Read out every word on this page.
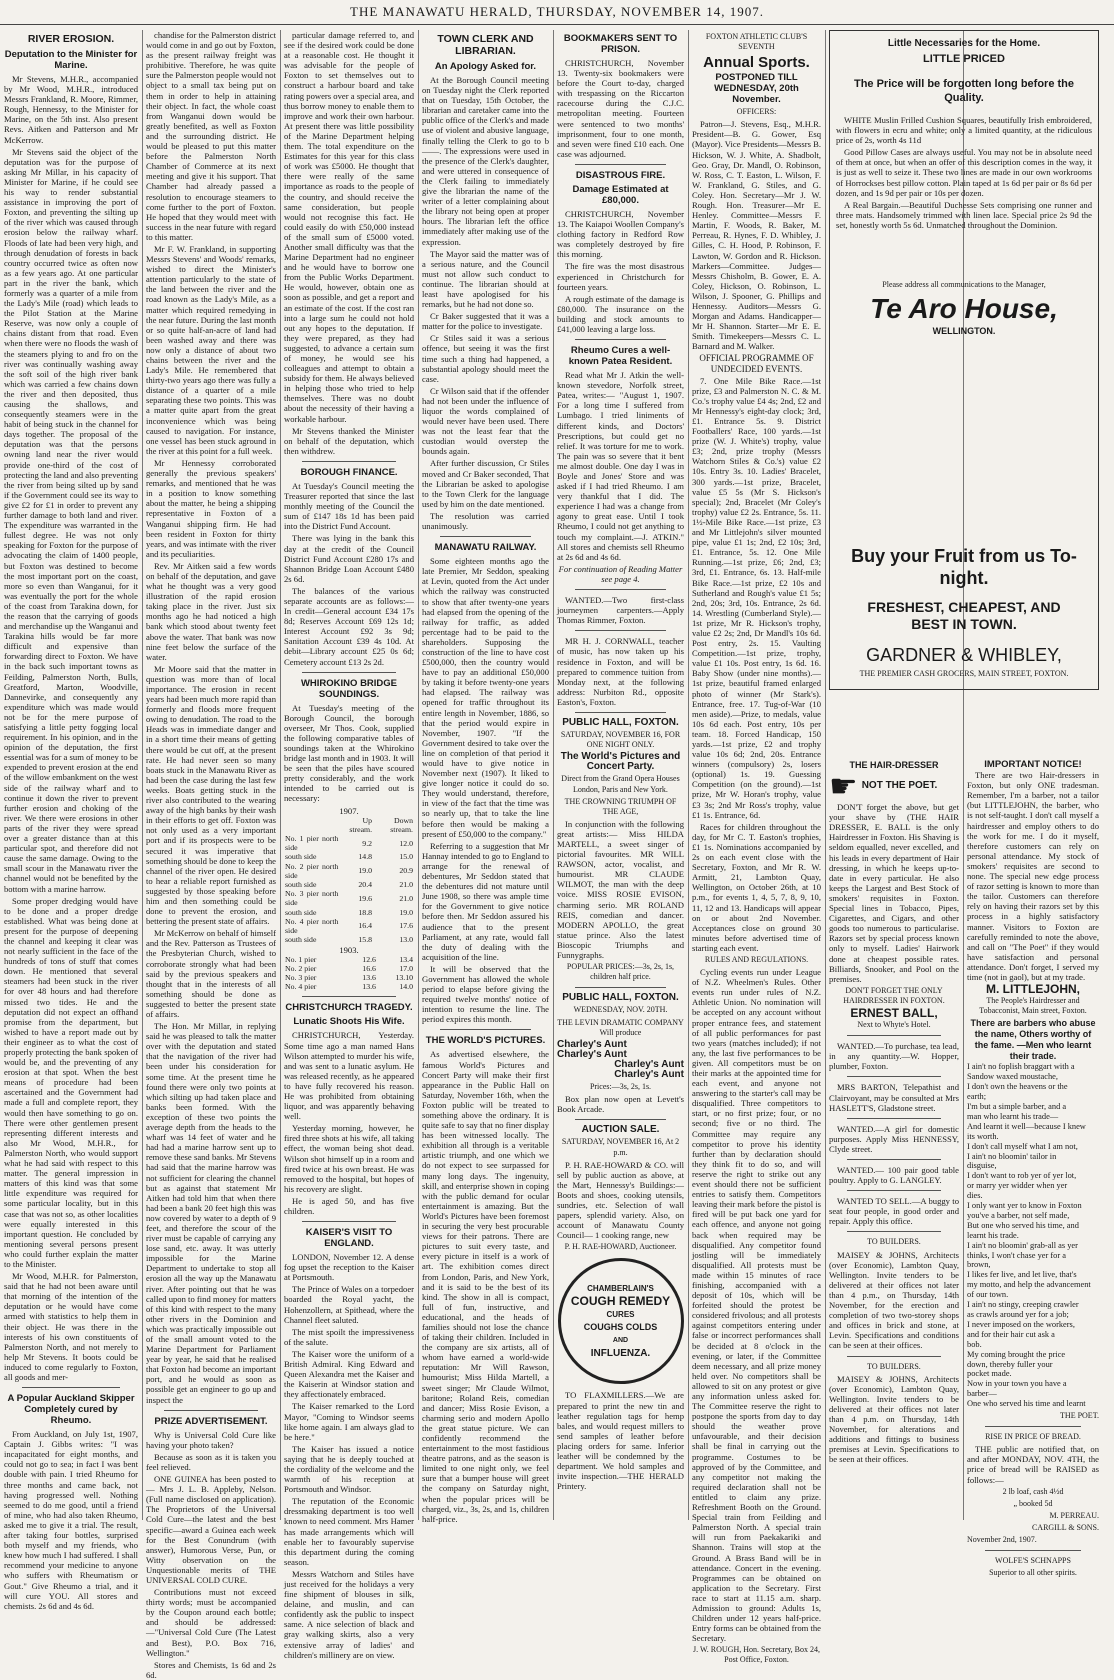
THE MANAWATU HERALD, THURSDAY, NOVEMBER 14, 1907.
RIVER EROSION.
Deputation to the Minister for Marine.

Mr Stevens, M.H.R., accompanied by Mr Wood, M.H.R., introduced Messrs Frankland, R. Moore, Rimmer, Rough, Hennessy, to the Minister for Marine, on the 5th inst. Also present Revs. Aitken and Patterson and Mr McKerrow.

Mr Stevens said the object of the deputation was for the purpose of asking Mr Millar, in his capacity of Minister for Marine, if he could see his way to render substantial assistance in improving the port of Foxton, and preventing the silting up of the river which was caused through erosion below the railway wharf. Floods of late had been very high, and through denudation of forests in back country occurred twice as often now as a few years ago. At one particular part in the river the bank, which formerly was a quarter of a mile from the Lady's Mile (road) which leads to the Pilot Station at the Marine Reserve, was now only a couple of chains distant from that road. Even when there were no floods the wash of the steamers plying to and fro on the river was continually washing away the soft soil of the high river bank which was carried a few chains down the river and then deposited, thus causing the shallows, and consequently steamers were in the habit of being stuck in the channel for days together. The proposal of the deputation was that the persons owning land near the river would provide one-third of the cost of protecting the land and also preventing the river from being silted up by sand if the Government could see its way to give £2 for £1 in order to prevent any further damage to both land and river. The expenditure was warranted in the fullest degree. He was not only speaking for Foxton for the purpose of advocating the claim of 1400 people, but Foxton was destined to become the most important port on the coast, more so even than Wanganui, for it was eventually the port for the whole of the coast from Tarakina down, for the reason that the carrying of goods and merchandise up the Wanganui and Tarakina hills would be far more difficult and expensive than forwarding direct to Foxton. We have in the back such important towns as Feilding, Palmerston North, Bulls, Greatford, Marton, Woodville, Dannevirke, and consequently any expenditure which was made would not be for the mere purpose of satisfying a little petty fogging local requirement. In his opinion, and in the opinion of the deputation, the first essential was for a sum of money to be expended to prevent erosion at the end of the willow embankment on the west side of the railway wharf and to continue it down the river to prevent further erosion and choking of the river. We there were erosions in other parts of the river they were spread over a greater distance than at this particular spot, and therefore did not cause the same damage. Owing to the small scour in the Manawatu river the channel would not be benefited by the bottom with a marine harrow.

Some proper dredging would have to be done and a proper dredge established. What was being done at present for the purpose of deepening the channel and keeping it clear was not nearly sufficient in the face of the hundreds of tons of stuff that comes down. He mentioned that several steamers had been stuck in the river for over 48 hours and had therefore missed two tides. He and the deputation did not expect an offhand promise from the department, but wished to have a report made out by their engineer as to what the cost of properly protecting the bank spoken of would be, and the preventing of any erosion at that spot. When the best means of procedure had been ascertained and the Government had made a full and complete report, they would then have something to go on. There were other gentlemen present representing different interests and also Mr Wood, M.H.R., for Palmerston North, who would support what he had said with respect to this matter. The general impression in matters of this kind was that some little expenditure was required for some particular locality, but in this case that was not so, as other localities were equally interested in this important question. He concluded by mentioning several persons present who could further explain the matter to the Minister.

Mr Wood, M.H.R. for Palmerston, said that he had not been aware until that morning of the intention of the deputation or he would have come armed with statistics to help them in their object. He was there in the interests of his own constituents of Palmerston North, and not merely to help Mr Stevens. It boots could be induced to come regularly to Foxton, all goods and mer-

A Popular Auckland Skipper Completely cured by Rheumo.

From Auckland, on July 1st, 1907, Captain J. Gibbs writes: "I was incapacitated for eight months, and could not go to sea; in fact I was bent double with pain. I tried Rheumo for three months and came back, not having progressed well. Nothing seemed to do me good, until a friend of mine, who had also taken Rheumo, asked me to give it a trial. The result, after taking four bottles, surprised both myself and my friends, who knew how much I had suffered. I shall recommend your medicine to anyone who suffers with Rheumatism or Gout." Give Rheumo a trial, and it will cure YOU. All stores and chemists. 2s 6d and 4s 6d.

chandise for the Palmerston district would come in and go out by Foxton, as the present railway freight was prohibitive. Therefore, he was quite sure the Palmerston people would not object to a small tax being put on them in order to help in attaining their object. In fact, the whole coast from Wanganui down would be greatly benefited, as well as Foxton and the surrounding district. He would be pleased to put this matter before the Palmerston North Chamber of Commerce at its next meeting and give it his support. That Chamber had already passed a resolution to encourage steamers to come further to the port of Foxton. He hoped that they would meet with success in the near future with regard to this matter.

Mr F. W. Frankland, in supporting Messrs Stevens' and Woods' remarks, wished to direct the Minister's attention particularly to the state of the land between the river and the road known as the Lady's Mile, as a matter which required remedying in the near future. During the last month or so quite half-an-acre of land had been washed away and there was now only a distance of about two chains between the river and the Lady's Mile. He remembered that thirty-two years ago there was fully a distance of a quarter of a mile separating these two points. This was a matter quite apart from the great inconvenience which was being caused to navigation. For instance, one vessel has been stuck aground in the river at this point for a full week.

Mr Hennessy corroborated generally the previous speakers' remarks, and mentioned that he was in a position to know something about the matter, he being a shipping representative in Foxton of a Wanganui shipping firm. He had been resident in Foxton for thirty years, and was intimate with the river and its peculiarities.

Rev. Mr Aitken said a few words on behalf of the deputation, and gave what he thought was a very good illustration of the rapid erosion taking place in the river. Just six months ago he had noticed a high bank which stood about twenty feet above the water. That bank was now nine feet below the surface of the water.

Mr Moore said that the matter in question was more than of local importance. The erosion in recent years had been much more rapid than formerly and floods more frequent owing to denudation. The road to the Heads was in immediate danger and in a short time their means of getting there would be cut off, at the present rate. He had never seen so many boats stuck in the Manawatu River as had been the case during the last few weeks. Boats getting stuck in the river also contributed to the wearing away of the high banks by their wash in their efforts to get off. Foxton was not only used as a very important port and if its prospects were to be secured it was imperative that something should be done to keep the channel of the river open. He desired to hear a reliable report furnished as suggested by those speaking before him and then something could be done to prevent the erosion, and bettering the present state of affairs.

Mr McKerrow on behalf of himself and the Rev. Patterson as Trustees of the Presbyterian Church, wished to corroborate strongly what had been said by the previous speakers and thought that in the interests of all something should be done as suggested to better the present state of affairs.

The Hon. Mr Millar, in replying said he was pleased to talk the matter over with the deputation and stated that the navigation of the river had been under his consideration for some time. At the present time he found there were only two points at which silting up had taken place and banks been formed. With the exception of these two points the average depth from the heads to the wharf was 14 feet of water and he had had a marine harrow sent up to remove these sand banks. Mr Stevens had said that the marine harrow was not sufficient for clearing the channel but as against that statement Mr Aitken had told him that when there had been a bank 20 feet high this was now covered by water to a depth of 9 feet, and therefore the scour of the river must be capable of carrying any lose sand, etc. away. It was utterly impossible for the Marine Department to undertake to stop all erosion all the way up the Manawatu river. After pointing out that he was called upon to find money for matters of this kind with respect to the many other rivers in the Dominion and which was practically impossible out of the small amount voted to the Marine Department for Parliament year by year, he said that he realised that Foxton had become an important port, and he would as soon as possible get an engineer to go up and inspect the

PRIZE ADVERTISEMENT.

Why is Universal Cold Cure like having your photo taken?

Because as soon as it is taken you feel relieved.

ONE GUINEA has been posted to— Mrs J. L. B. Appleby, Nelson. (Full name disclosed on application). The Proprietors of the Universal Cold Cure—the latest and the best specific—award a Guinea each week for the Best Conundrum (with answer), Humorous Verse, Pun, or Witty observation on the Unquestionable merits of THE UNIVERSAL COLD CURE.

Contributions must not exceed thirty words; must be accompanied by the Coupon around each bottle; and should be addressed:—"Universal Cold Cure (The Latest and Best), P.O. Box 716, Wellington."

Stores and Chemists, 1s 6d and 2s 6d.

particular damage referred to, and see if the desired work could be done at a reasonable cost. He thought it was advisable for the people of Foxton to set themselves out to construct a harbour board and take rating powers over a special area, and thus borrow money to enable them to improve and work their own harbour. At present there was little possibility of the Marine Department helping them. The total expenditure on the Estimates for this year for this class of work was £5000. He thought that there were really of the same importance as roads to the people of the country, and should receive the same consideration, but people would not recognise this fact. He could easily do with £50,000 instead of the small sum of £5000 voted. Another small difficulty was that the Marine Department had no engineer and he would have to borrow one from the Public Works Department. He would, however, obtain one as soon as possible, and get a report and an estimate of the cost. If the cost ran into a large sum he could not hold out any hopes to the deputation. If they were prepared, as they had suggested, to advance a certain sum of money, he would see his colleagues and attempt to obtain a subsidy for them. He always believed in helping those who tried to help themselves. There was no doubt about the necessity of their having a workable harbour.

Mr Stevens thanked the Minister on behalf of the deputation, which then withdrew.

BOROUGH FINANCE.

At Tuesday's Council meeting the Treasurer reported that since the last monthly meeting of the Council the sum of £147 18s 1d has been paid into the District Fund Account.

There was lying in the bank this day at the credit of the Council District Fund Account £280 17s and Shannon Bridge Loan Account £480 2s 6d.

The balances of the various separate accounts are as follows:— In credit—General account £34 17s 8d; Reserves Account £69 12s 1d; Interest Account £92 3s 9d; Sanitation Account £39 4s 10d. At debit—Library account £25 0s 6d; Cemetery account £13 2s 2d.

WHIROKINO BRIDGE SOUNDINGS.

At Tuesday's meeting of the Borough Council, the borough overseer, Mr Thos. Cook, supplied the following comparative tables of soundings taken at the Whirokino bridge last month and in 1903. It will be seen that the piles have scoured pretty considerably, and the work intended to be carried out is necessary:

1907.
	Up stream.	Down stream.
No. 1 pier north side	9.2	12.0
south side	14.8	15.0
No. 2 pier north side	19.0	20.9
south side	20.4	21.0
No. 3 pier north side	19.6	21.0
south side	18.8	19.0
No. 4 pier north side	16.4	17.6
south side	15.8	13.0
1903.
No. 1 pier	12.6	13.4
No. 2 pier	16.6	17.0
No. 3 pier	13.6	13.10
No. 4 pier	13.6	14.0
CHRISTCHURCH TRAGEDY.
Lunatic Shoots His Wife.

CHRISTCHURCH, Yesterday. Some time ago a man named Hans Wilson attempted to murder his wife, and was sent to a lunatic asylum. He was released recently, as he appeared to have fully recovered his reason. He was prohibited from obtaining liquor, and was apparently behaving well.

Yesterday morning, however, he fired three shots at his wife, all taking effect, the woman being shot dead. Wilson shot himself up in a room and fired twice at his own breast. He was removed to the hospital, but hopes of his recovery are slight.

He is aged 50, and has five children.

KAISER'S VISIT TO ENGLAND.

LONDON, November 12. A dense fog upset the reception to the Kaiser at Portsmouth.

The Prince of Wales on a torpedoer boarded the Royal yacht, the Hohenzollern, at Spithead, where the Channel fleet saluted.

The mist spoilt the impressiveness of the salute.

The Kaiser wore the uniform of a British Admiral. King Edward and Queen Alexandra met the Kaiser and the Kaiserin at Windsor station and they affectionately embraced.

The Kaiser remarked to the Lord Mayor, "Coming to Windsor seems like home again. I am always glad to be here."

The Kaiser has issued a notice saying that he is deeply touched at the cordiality of the welcome and the warmth of his reception at Portsmouth and Windsor.

The reputation of the Economic dressmaking department is too well known to need comment. Mrs Hamer has made arrangements which will enable her to favourably supervise this department during the coming season.

Messrs Watchorn and Stiles have just received for the holidays a very fine shipment of blouses in silk, delaine, and muslin, and can confidently ask the public to inspect same. A nice selection of black and gray walking skirts, also a very extensive array of ladies' and children's millinery are on view.

TOWN CLERK AND LIBRARIAN.
An Apology Asked for.

At the Borough Council meeting on Tuesday night the Clerk reported that on Tuesday, 15th October, the librarian and caretaker came into the public office of the Clerk's and made use of violent and abusive language, finally telling the Clerk to go to b——. The expressions were used in the presence of the Clerk's daughter, and were uttered in consequence of the Clerk failing to immediately give the librarian the name of the writer of a letter complaining about the library not being open at proper hours. The librarian left the office immediately after making use of the expression.

The Mayor said the matter was of a serious nature, and the Council must not allow such conduct to continue. The librarian should at least have apologised for his remarks, but he had not done so.

Cr Baker suggested that it was a matter for the police to investigate.

Cr Stiles said it was a serious offence, but seeing it was the first time such a thing had happened, a substantial apology should meet the case.

Cr Wilson said that if the offender had not been under the influence of liquor the words complained of would never have been used. There was not the least fear that the custodian would overstep the bounds again.

After further discussion, Cr Stiles moved and Cr Baker seconded, That the Librarian be asked to apologise to the Town Clerk for the language used by him on the date mentioned.

The resolution was carried unanimously.

MANAWATU RAILWAY.

Some eighteen months ago the late Premier, Mr Seddon, speaking at Levin, quoted from the Act under which the railway was constructed to show that after twenty-one years had elapsed from the opening of the railway for traffic, as added percentage had to be paid to the shareholders. Supposing the construction of the line to have cost £500,000, then the country would have to pay an additional £50,000 by taking it before twenty-one years had elapsed. The railway was opened for traffic throughout its entire length in November, 1886, so that the period would expire in November, 1907. "If the Government desired to take over the line on completion of that period it would have to give notice in November next (1907). It liked to give longer notice it could do so. They would understand, therefore, in view of the fact that the time was so nearly up, that to take the line before then would be making a present of £50,000 to the company."

Referring to a suggestion that Mr Hannay intended to go to England to arrange for the renewal of debentures, Mr Seddon stated that the debentures did not mature until June 1908, so there was ample time for the Government to give notice before then. Mr Seddon assured his audience that to the present Parliament, at any rate, would fall the duty of dealing with the acquisition of the line.

It will be observed that the Government has allowed the whole period to elapse before giving the required twelve months' notice of intention to resume the line. The period expires this month.

THE WORLD'S PICTURES.

As advertised elsewhere, the famous World's Pictures and Concert Party will make their first appearance in the Public Hall on Saturday, November 16th, when the Foxton public will be treated to something above the ordinary. It is quite safe to say that no finer display has been witnessed locally. The exhibition all through is a veritable artistic triumph, and one which we do not expect to see surpassed for many long days. The ingenuity, skill, and enterprise shown in coping with the public demand for ocular entertainment is amazing. But the World's Pictures have been foremost in securing the very best procurable views for their patrons. There are pictures to suit every taste, and every picture in itself is a work of art. The exhibition comes direct from London, Paris, and New York, and it is said to be the best of its kind. The show in all is compact, full of fun, instructive, and educational, and the heads of families should not lose the chance of taking their children. Included in the company are six artists, all of whom have earned a world-wide reputation: Mr Will Rawson, humourist; Miss Hilda Martell, a sweet singer; Mr Claude Wilmot, baritone; Roland Reis, comedian and dancer; Miss Rosie Evison, a charming serio and modern Apollo the great statue picture. We can confidently recommend the entertainment to the most fastidious theatre patrons, and as the season is limited to one night only, we feel sure that a bumper house will greet the company on Saturday night, when the popular prices will be charged, viz., 3s, 2s, and 1s, children half-price.

BOOKMAKERS SENT TO PRISON.

CHRISTCHURCH, November 13. Twenty-six bookmakers were before the Court to-day, charged with trespassing on the Riccarton racecourse during the C.J.C. metropolitan meeting. Fourteen were sentenced to two months' imprisonment, four to one month, and seven were fined £10 each. One case was adjourned.

DISASTROUS FIRE.
Damage Estimated at £80,000.

CHRISTCHURCH, November 13. The Kaiapoi Woollen Company's clothing factory in Redford Row was completely destroyed by fire this morning.

The fire was the most disastrous experienced in Christchurch for fourteen years.

A rough estimate of the damage is £80,000. The insurance on the building and stock amounts to £41,000 leaving a large loss.

Rheumo Cures a well-known Patea Resident.

Read what Mr J. Atkin the well-known stevedore, Norfolk street, Patea, writes:— "August 1, 1907. For a long time I suffered from Lumbago. I tried liniments of different kinds, and Doctors' Prescriptions, but could get no relief. It was torture for me to work. The pain was so severe that it bent me almost double. One day I was in Boyle and Jones' Store and was asked if I had tried Rheumo. I am very thankful that I did. The experience I had was a change from agony to great ease. Until I took Rheumo, I could not get anything to touch my complaint.—J. ATKIN." All stores and chemists sell Rheumo at 2s 6d and 4s 6d.

For continuation of Reading Matter see page 4.

WANTED.—Two first-class journeymen carpenters.—Apply Thomas Rimmer, Foxton.

MR H. J. CORNWALL, teacher of music, has now taken up his residence in Foxton, and will be prepared to commence tuition from Monday next, at the following address: Nurbiton Rd., opposite Easton's, Foxton.

PUBLIC HALL, FOXTON.
SATURDAY, NOVEMBER 16, FOR ONE NIGHT ONLY.
The World's Pictures and Concert Party.
Direct from the Grand Opera Houses London, Paris and New York.
THE CROWNING TRIUMPH OF THE AGE,

In conjunction with the following great artists:— Miss HILDA MARTELL, a sweet singer of pictorial favourites. MR WILL RAWSON, actor, vocalist, and humourist. MR CLAUDE WILMOT, the man with the deep voice. MISS ROSIE EVISON, charming serio. MR ROLAND REIS, comedian and dancer. MODERN APOLLO, the great statue prince. Also the latest Bioscopic Triumphs and Funnygraphs.

POPULAR PRICES:—3s, 2s, 1s, children half price.
PUBLIC HALL, FOXTON.
WEDNESDAY, NOV. 20TH.
THE LEVIN DRAMATIC COMPANY Will produce
Charley's Aunt
Charley's Aunt
Charley's Aunt
Charley's Aunt
Prices:—3s, 2s, 1s.

Box plan now open at Levett's Book Arcade.

AUCTION SALE.
SATURDAY, NOVEMBER 16, At 2 p.m.

P. H. RAE-HOWARD & CO. will sell by public auction as above, at the Mart, Hennessy's Buildings:— Boots and shoes, cooking utensils, sundries, etc. Selection of wall papers, splendid variety. Also, on account of Manawatu County Council— 1 cooking range, new

P. H. RAE-HOWARD, Auctioneer.
CHAMBERLAIN'S
COUGH REMEDY
CURES
COUGHS COLDS
AND
INFLUENZA.

TO FLAXMILLERS.—We are prepared to print the new tin and leather regulation tags for hemp bales, and would request millers to send samples of leather before placing orders for same. Inferior leather will be condemned by the department. We hold samples and invite inspection.—THE HERALD Printery.

FOXTON ATHLETIC CLUB'S SEVENTH
Annual Sports.
POSTPONED TILL WEDNESDAY, 20th November.
OFFICERS:

Patron—J. Stevens, Esq., M.H.R. President—B. G. Gower, Esq (Mayor). Vice Presidents—Messrs B. Hickson, W. J. White, A. Shadbolt, Geo. Gray, Dr. Mandl, O. Robinson, W. Ross, C. T. Easton, L. Wilson, F. W. Frankland, G. Stiles, and G. Coley. Hon. Secretary—Mr J. W. Rough. Hon. Treasurer—Mr E. Henley. Committee—Messrs F. Martin, F. Woods, R. Baker, M. Perreau, R. Hynes, F. D. Whibley, J. Gilles, C. H. Hood, P. Robinson, F. Lawton, W. Gordon and R. Hickson. Markers—Committee. Judges—Messrs Chisholm, B. Gower, E. A. Coley, Hickson, O. Robinson, L. Wilson, J. Spooner, G. Phillips and Hennessy. Auditors—Messrs G. Morgan and Adams. Handicapper—Mr H. Shannon. Starter—Mr E. E. Smith. Timekeepers—Messrs C. L. Barnard and M. Walker.

OFFICIAL PROGRAMME OF UNDECIDED EVENTS.

7. One Mile Bike Race.—1st prize, £3 and Palmerston N. C. & M. Co.'s trophy value £4 4s; 2nd, £2 and Mr Hennessy's eight-day clock; 3rd, £1. Entrance 5s. 9. District Footballers' Race, 100 yards.—1st prize (W. J. White's) trophy, value £3; 2nd, prize trophy (Messrs Watchorn Stiles & Co.'s) value £2 10s. Entry 3s. 10. Ladies' Bracelet, 300 yards.—1st prize, Bracelet, value £5 5s (Mr S. Hickson's special); 2nd, Bracelet (Mr Coley's trophy) value £2 2s. Entrance, 5s. 11. 1½-Mile Bike Race.—1st prize, £3 and Mr Littlejohn's silver mounted pipe, value £1 1s; 2nd, £2 10s; 3rd, £1. Entrance, 5s. 12. One Mile Running.—1st prize, £6; 2nd, £3; 3rd, £1. Entrance, 6s. 13. Half-mile Bike Race.—1st prize, £2 10s and Sutherland and Rough's value £1 5s; 2nd, 20s; 3rd, 10s. Entrance, 2s 6d. 14. Wrestling (Cumberland Style).—1st prize, Mr R. Hickson's trophy, value £2 2s; 2nd, Dr Mandl's 10s 6d. Post entry, 2s. 15. Vaulting Competition.—1st prize, trophy, value £1 10s. Post entry, 1s 6d. 16. Baby Show (under nine months).—1st prize, beautiful framed enlarged photo of winner (Mr Stark's). Entrance, free. 17. Tug-of-War (10 men aside).—Prize, to medals, value 10s 6d each. Post entry, 10s per team. 18. Forced Handicap, 150 yards.—1st prize, £2 and trophy value 10s 6d; 2nd, 20s. Entrance winners (compulsory) 2s, losers (optional) 1s. 19. Guessing Competition (on the ground).—1st prize, Mr W. Horan's trophy, value £3 3s; 2nd Mr Ross's trophy, value £1 1s. Entrance, 6d.

Races for children throughout the day, for Mr C. T. Easton's trophies, £1 1s. Nominations accompanied by 2s on each event close with the Secretary, Foxton, and Mr R. W. Armitt, 21, Lambton Quay, Wellington, on October 26th, at 10 p.m., for events 1, 4, 5, 7, 8, 9, 10, 11, 12 and 13. Handicaps will appear on or about 2nd November. Acceptances close on ground 30 minutes before advertised time of starting each event.

RULES AND REGULATIONS.

Cycling events run under League of N.Z. Wheelmen's Rules. Other events run under rules of N.Z. Athletic Union. No nomination will be accepted on any account without proper entrance fees, and statement of all public performances for past two years (matches included); if not any, the last five performances to be given. All competitors must be on their marks at the appointed time for each event, and anyone not answering to the starter's call may be disqualified. Three competitors to start, or no first prize; four, or no second; five or no third. The Committee may require any competitor to prove his identity further than by declaration should they think fit to do so, and will reserve the right to strike out any event should there not be sufficient entries to satisfy them. Competitors leaving their mark before the pistol is fired will be put back one yard for each offence, and anyone not going back when required may be disqualified. Any competitor found jostling will be immediately disqualified. All protests must be made within 15 minutes of race finishing, accompanied with a deposit of 10s, which will be forfeited should the protest be considered frivolous; and all protests against competitors entering under false or incorrect performances shall be decided at 8 o'clock in the evening, or later, if the Committee deem necessary, and all prize money held over. No competitors shall be allowed to sit on any protest or give any information unless asked for. The Committee reserve the right to postpone the sports from day to day should the weather prove unfavourable, and their decision shall be final in carrying out the programme. Costumes to be approved of by the Committee, and any competitor not making the required declaration shall not be entitled to claim any prize. Refreshment Booth on the Ground. Special train from Feilding and Palmerston North. A special train will run from Paekakariki and Shannon. Trains will stop at the Ground. A Brass Band will be in attendance. Concert in the evening. Programmes can be obtained on application to the Secretary. First race to start at 11.15 a.m. sharp. Admission to ground: Adults 1s, Children under 12 years half-price. Entry forms can be obtained from the Secretary.

J. W. ROUGH, Hon. Secretary, Box 24, Post Office, Foxton.
Little Necessaries for the Home.
LITTLE PRICED
The Price will be forgotten long before the Quality.

WHITE Muslin Frilled Cushion Squares, beautifully Irish embroidered, with flowers in ecru and white; only a limited quantity, at the ridiculous price of 2s, worth 4s 11d

Good Pillow Cases are always useful. You may not be in absolute need of them at once, but when an offer of this description comes in the way, it is just as well to seize it. These two lines are made in our own workrooms of Horrockses best pillow cotton. Plain taped at 1s 6d per pair or 8s 6d per dozen, and 1s 9d per pair or 10s per dozen.

A Real Bargain.—Beautiful Duchesse Sets comprising one runner and three mats. Handsomely trimmed with linen lace. Special price 2s 9d the set, honestly worth 5s 6d. Unmatched throughout the Dominion.

Please address all communications to the Manager,
Te Aro House,
WELLINGTON.
Buy your Fruit from us To-night.
FRESHEST, CHEAPEST, AND BEST IN TOWN.
GARDNER & WHIBLEY,
THE PREMIER CASH GROCERS, MAIN STREET, FOXTON.
THE HAIR-DRESSER
☛ NOT THE POET.

DON'T forget the above, but get your shave by (THE HAIR DRESSER, E. BALL is the only Hairdresser in Foxton. His Shaving is seldom equalled, never excelled, and his leads in every department of Hair dressing, in which he keeps up-to-date in every particular. He also keeps the Largest and Best Stock of smokers' requisites in Foxton. Special lines in Tobacco, Pipes, Cigarettes, and Cigars, and other goods too numerous to particularise. Razors set by special process known only to myself. Ladies' Hairwork done at cheapest possible rates. Billiards, Snooker, and Pool on the premises.

DON'T FORGET THE ONLY HAIRDRESSER IN FOXTON.
ERNEST BALL,
Next to Whyte's Hotel.

WANTED.—To purchase, tea lead, in any quantity.—W. Hopper, plumber, Foxton.

MRS BARTON, Telepathist and Clairvoyant, may be consulted at Mrs HASLETT'S, Gladstone street.

WANTED.—A girl for domestic purposes. Apply Miss HENNESSY, Clyde street.

WANTED.— 100 pair good table poultry. Apply to G. LANGLEY.

WANTED TO SELL.—A buggy to seat four people, in good order and repair. Apply this office.

TO BUILDERS.

MAISEY & JOHNS, Architects (over Economic), Lambton Quay, Wellington. Invite tenders to be delivered at their offices not later than 4 p.m., on Thursday, 14th November, for the erection and completion of two two-storey shops and offices in brick and stone, at Levin. Specifications and conditions can be seen at their offices.

TO BUILDERS.

MAISEY & JOHNS, Architects (over Economic), Lambton Quay, Wellington. Invite tenders to be delivered at their offices not later than 4 p.m. on Thursday, 14th November, for alterations and additions and fittings to business premises at Levin. Specifications to be seen at their offices.

IMPORTANT NOTICE!

There are two Hair-dressers in Foxton, but only ONE tradesman. Remember, I'm a barber, not a tailor (but LITTLEJOHN, the barber, who is not self-taught. I don't call myself a hairdresser and employ others to do the work for me. I do it myself, therefore customers can rely on personal attendance. My stock of smokers' requisites are second to none. The special new edge process of razor setting is known to more than the tailor. Customers can therefore rely on having their razors set by this process in a highly satisfactory manner. Visitors to Foxton are carefully reminded to note the above, and call on "The Poet" if they would have satisfaction and personal attendance. Don't forget, I served my time (not in gaol), but at my trade.

M. LITTLEJOHN,
The People's Hairdresser and Tobacconist, Main street, Foxton.
There are barbers who abuse the name, Others worthy of the fame. —Men who learnt their trade.
I ain't no foplish braggart with a
Sandow waxed moustache,
I don't own the heavens or the
earth;
I'm but a simple barber, and a
man who learnt his trade—
And learnt it well—because I knew
its worth.
I don't call myself what I am not,
I ain't no bloomin' tailor in
disguise,
I don't want to rob yer of yer lot,
or marry yer widder when yer
dies.
I only want yer to know in Foxton
you've a barber, not self made,
But one who served his time, and
learnt his trade.
I ain't no bloomin' grab-all as yer
thinks, I won't chase yer for a
brown,
I likes fer live, and let live, that's
my motto, and help the advancement of our town.
I ain't no stingy, creeping crawler
as crawls around yer for a job;
I never imposed on the workers,
and for their hair cut ask a
bob.
My coming brought the price
down, thereby fuller your
pocket made.
Now in your town you have a
barber—
One who served his time and learnt
THE POET.
RISE IN PRICE OF BREAD.

THE public are notified that, on and after MONDAY, NOV. 4TH, the price of bread will be RAISED as follows:—

2 lb loaf, cash 4½d
„ booked 5d
M. PERREAU.
CARGILL & SONS.
November 2nd, 1907.
WOLFE'S SCHNAPPS
Superior to all other spirits.
